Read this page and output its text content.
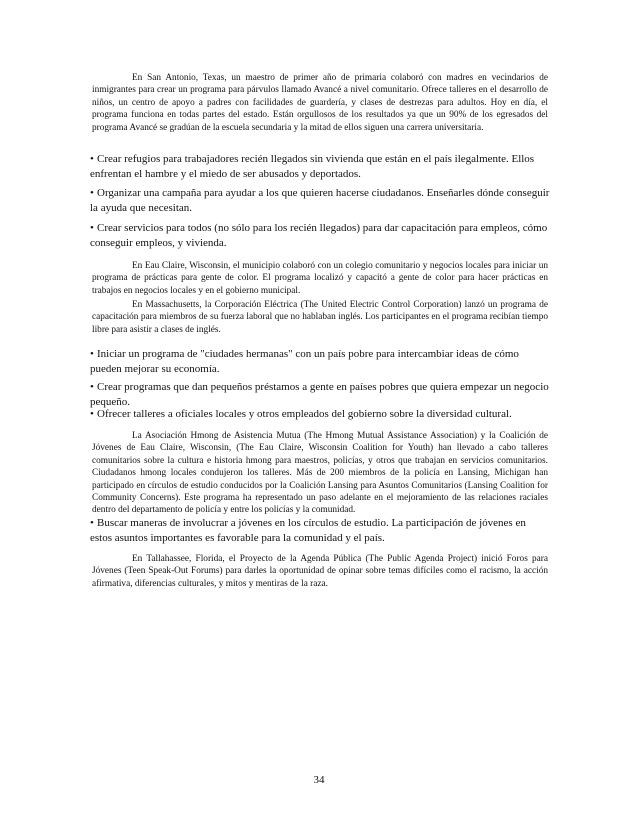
En San Antonio, Texas, un maestro de primer año de primaria colaboró con madres en vecindarios de inmigrantes para crear un programa para párvulos llamado Avancé a nivel comunitario. Ofrece talleres en el desarrollo de niños, un centro de apoyo a padres con facilidades de guardería, y clases de destrezas para adultos. Hoy en día, el programa funciona en todas partes del estado. Están orgullosos de los resultados ya que un 90% de los egresados del programa Avancé se gradúan de la escuela secundaria y la mitad de ellos siguen una carrera universitaria.

• Crear refugios para trabajadores recién llegados sin vivienda que están en el país ilegalmente. Ellos enfrentan el hambre y el miedo de ser abusados y deportados.
• Organizar una campaña para ayudar a los que quieren hacerse ciudadanos. Enseñarles dónde conseguir la ayuda que necesitan.
• Crear servicios para todos (no sólo para los recién llegados) para dar capacitación para empleos, cómo conseguir empleos, y vivienda.

En Eau Claire, Wisconsin, el municipio colaboró con un colegio comunitario y negocios locales para iniciar un programa de prácticas para gente de color. El programa localizó y capacitó a gente de color para hacer prácticas en trabajos en negocios locales y en el gobierno municipal.

En Massachusetts, la Corporación Eléctrica (The United Electric Control Corporation) lanzó un programa de capacitación para miembros de su fuerza laboral que no hablaban inglés. Los participantes en el programa recibían tiempo libre para asistir a clases de inglés.

• Iniciar un programa de "ciudades hermanas" con un país pobre para intercambiar ideas de cómo pueden mejorar su economía.
• Crear programas que dan pequeños préstamos a gente en países pobres que quiera empezar un negocio pequeño.
• Ofrecer talleres a oficiales locales y otros empleados del gobierno sobre la diversidad cultural.

La Asociación Hmong de Asistencia Mutua (The Hmong Mutual Assistance Association) y la Coalición de Jóvenes de Eau Claire, Wisconsin, (The Eau Claire, Wisconsin Coalition for Youth) han llevado a cabo talleres comunitarios sobre la cultura e historia hmong para maestros, policías, y otros que trabajan en servicios comunitarios. Ciudadanos hmong locales condujeron los talleres. Más de 200 miembros de la policía en Lansing, Michigan han participado en círculos de estudio conducidos por la Coalición Lansing para Asuntos Comunitarios (Lansing Coalition for Community Concerns). Este programa ha representado un paso adelante en el mejoramiento de las relaciones raciales dentro del departamento de policía y entre los policías y la comunidad.

• Buscar maneras de involucrar a jóvenes en los círculos de estudio. La participación de jóvenes en estos asuntos importantes es favorable para la comunidad y el país.

En Tallahassee, Florida, el Proyecto de la Agenda Pública (The Public Agenda Project) inició Foros para Jóvenes (Teen Speak-Out Forums) para darles la oportunidad de opinar sobre temas difíciles como el racismo, la acción afirmativa, diferencias culturales, y mitos y mentiras de la raza.

34
